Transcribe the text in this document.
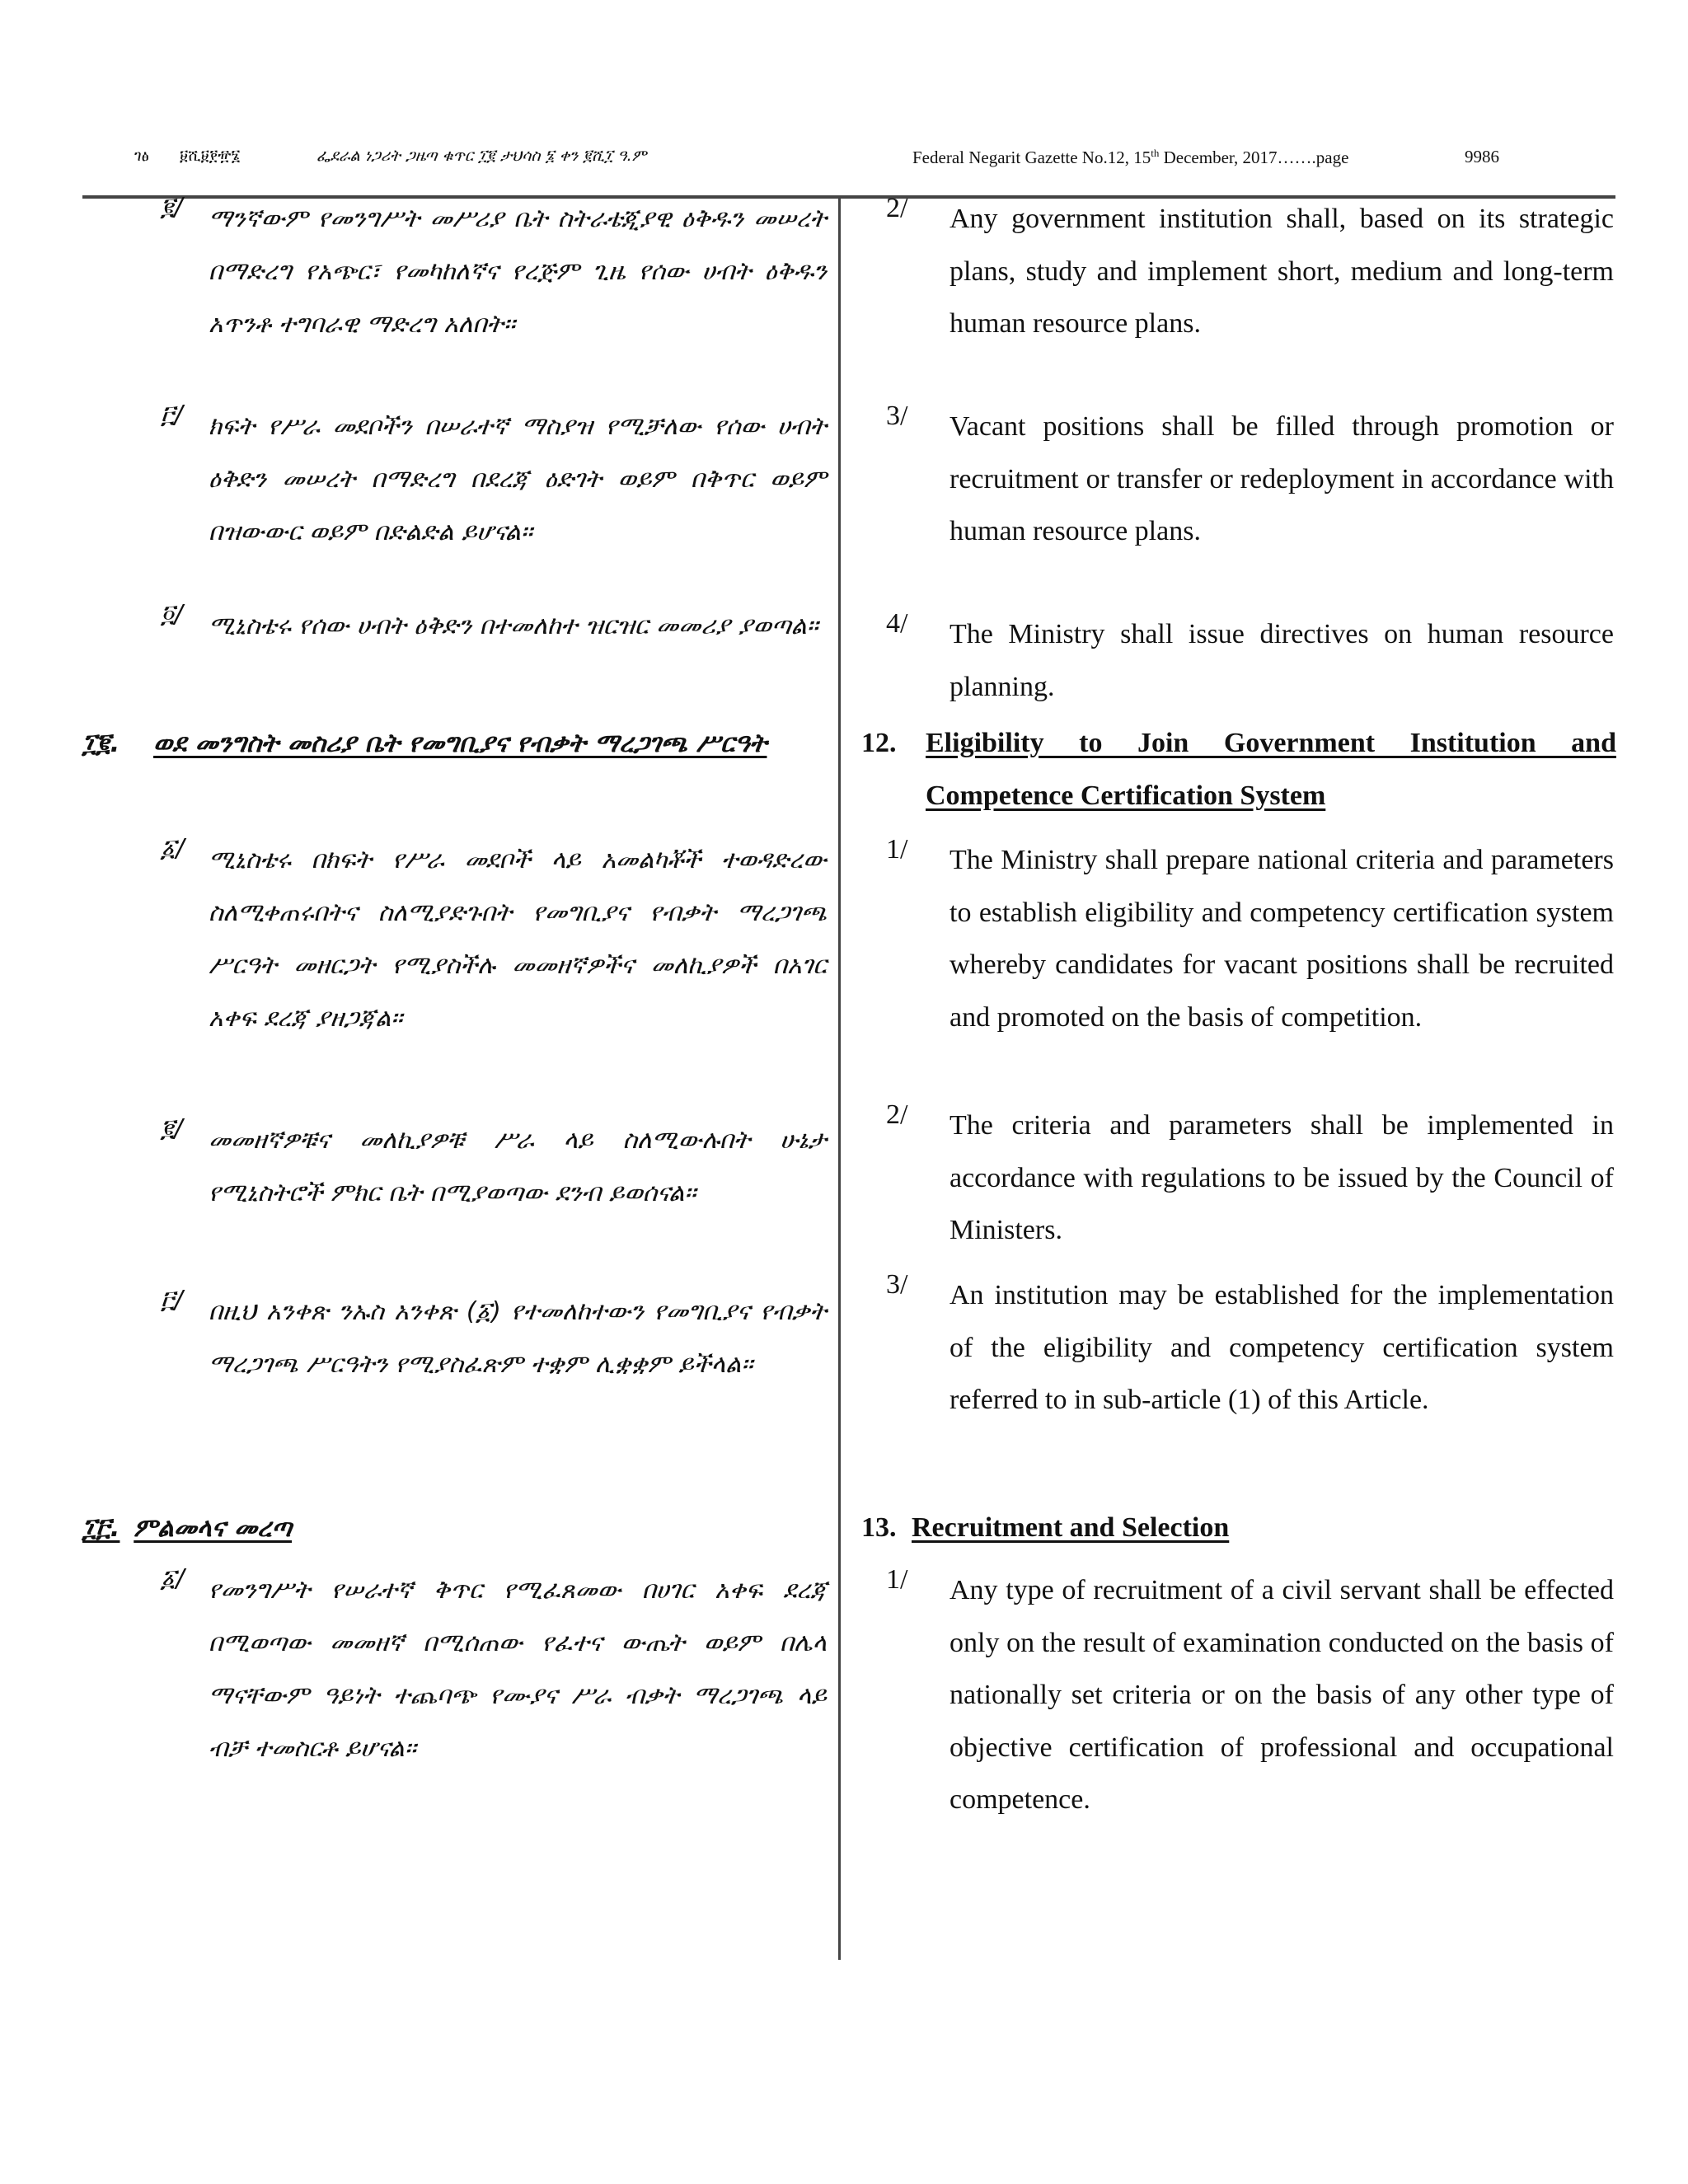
ገፅ ፱ሺ፱፻፹፮	ፌደራል ነጋሪት ጋዜጣ ቁጥር ፲፪ ታህሳስ ፮ ቀን ፪ሺ፲ ዓ.ም	Federal Negarit Gazette No.12, 15th December, 2017…….page	9986
፪/ ማንኛውም የመንግሥት መሥሪያ ቤት ስትራቴጂያዊ ዕቅዱን መሠረት በማድረግ የአጭር፣ የመካከለኛና የረጅም ጊዜ የሰው ሀብት ዕቅዱን አጥንቶ ተግባራዊ ማድረግ አለበት፡፡
፫/ ክፍት የሥራ መደቦችን በሠራተኛ ማስያዝ የሚቻለው የሰው ሀብት ዕቅድን መሠረት በማድረግ በደረጃ ዕድገት ወይም በቅጥር ወይም በዝውውር ወይም በድልድል ይሆናል፡፡
፬/ ሚኒስቴሩ የሰው ሀብት ዕቅድን በተመለከተ ዝርዝር መመሪያ ያወጣል፡፡
፲፪. ወደ መንግስት መስሪያ ቤት የመግቢያና የብቃት ማረጋገጫ ሥርዓት
፩/ ሚኒስቴሩ በክፍት የሥራ መደቦች ላይ አመልካቾች ተወዳድረው ስለሚቀጠሩበትና ስለሚያድጉበት የመግቢያና የብቃት ማረጋገጫ ሥርዓት መዘርጋት የሚያስችሉ መመዘኛዎችና መለኪያዎች በአገር አቀፍ ደረጃ ያዘጋጃል፡፡
፪/ መመዘኛዎቹና መለኪያዎቹ ሥራ ላይ ስለሚውሉበት ሁኔታ የሚኒስትሮች ምክር ቤት በሚያወጣው ደንብ ይወሰናል፡፡
፫/ በዚህ አንቀጽ ንኡስ አንቀጽ (፩) የተመለከተውን የመግቢያና የብቃት ማረጋገጫ ሥርዓትን የሚያስፈጽም ተቋም ሊቋቋም ይችላል፡፡
፲፫. ምልመላና መረጣ
፩/ የመንግሥት የሠራተኛ ቅጥር የሚፈጸመው በሀገር አቀፍ ደረጃ በሚወጣው መመዘኛ በሚሰጠው የፈተና ውጤት ወይም በሌላ ማናቸውም ዓይነት ተጨባጭ የሙያና ሥራ ብቃት ማረጋገጫ ላይ ብቻ ተመስርቶ ይሆናል፡፡
2/ Any government institution shall, based on its strategic plans, study and implement short, medium and long-term human resource plans.
3/ Vacant positions shall be filled through promotion or recruitment or transfer or redeployment in accordance with human resource plans.
4/ The Ministry shall issue directives on human resource planning.
12. Eligibility to Join Government Institution and Competence Certification System
1/ The Ministry shall prepare national criteria and parameters to establish eligibility and competency certification system whereby candidates for vacant positions shall be recruited and promoted on the basis of competition.
2/ The criteria and parameters shall be implemented in accordance with regulations to be issued by the Council of Ministers.
3/ An institution may be established for the implementation of the eligibility and competency certification system referred to in sub-article (1) of this Article.
13. Recruitment and Selection
1/ Any type of recruitment of a civil servant shall be effected only on the result of examination conducted on the basis of nationally set criteria or on the basis of any other type of objective certification of professional and occupational competence.
